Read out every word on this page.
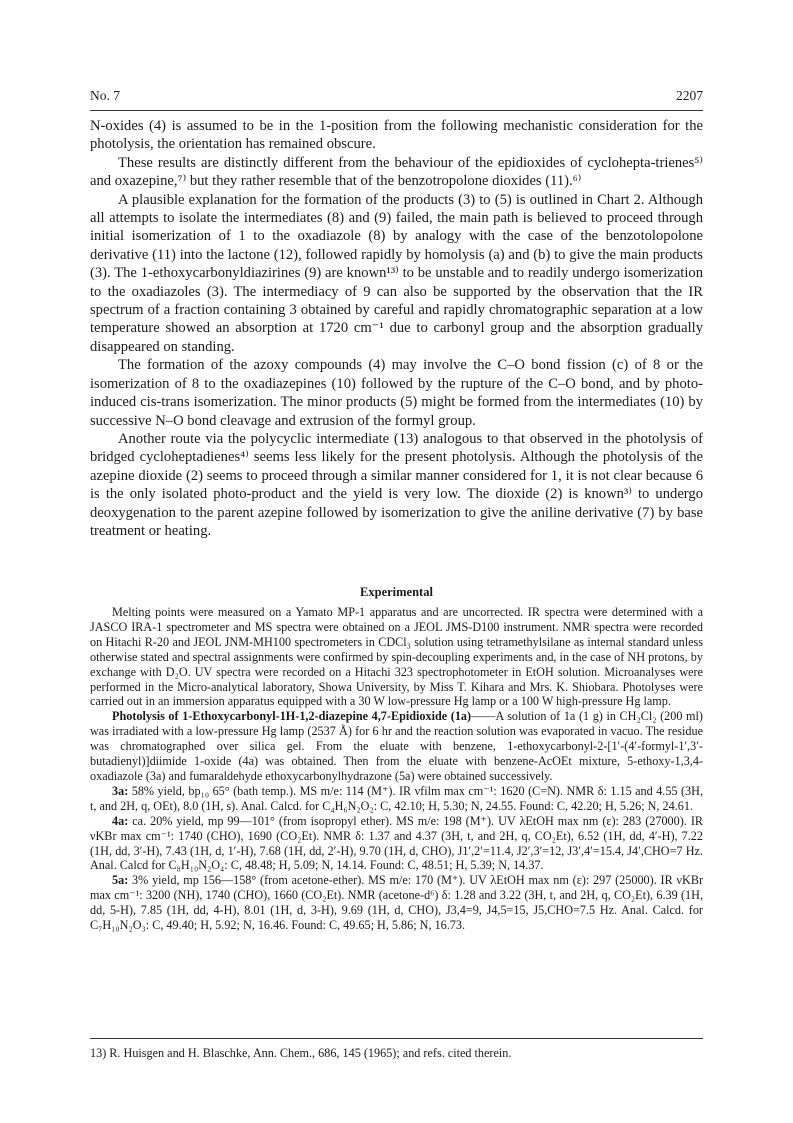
No. 7	2207

N-oxides (4) is assumed to be in the 1-position from the following mechanistic consideration for the photolysis, the orientation has remained obscure.

These results are distinctly different from the behaviour of the epidioxides of cyclohepta-trienes⁵⁾ and oxazepine,⁷⁾ but they rather resemble that of the benzotropolone dioxides (11).⁶⁾

A plausible explanation for the formation of the products (3) to (5) is outlined in Chart 2. Although all attempts to isolate the intermediates (8) and (9) failed, the main path is believed to proceed through initial isomerization of 1 to the oxadiazole (8) by analogy with the case of the benzotolopolone derivative (11) into the lactone (12), followed rapidly by homolysis (a) and (b) to give the main products (3). The 1-ethoxycarbonyldiazirines (9) are known¹³⁾ to be unstable and to readily undergo isomerization to the oxadiazoles (3). The intermediacy of 9 can also be supported by the observation that the IR spectrum of a fraction containing 3 obtained by careful and rapidly chromatographic separation at a low temperature showed an absorption at 1720 cm⁻¹ due to carbonyl group and the absorption gradually disappeared on standing.

The formation of the azoxy compounds (4) may involve the C–O bond fission (c) of 8 or the isomerization of 8 to the oxadiazepines (10) followed by the rupture of the C–O bond, and by photo-induced cis-trans isomerization. The minor products (5) might be formed from the intermediates (10) by successive N–O bond cleavage and extrusion of the formyl group.

Another route via the polycyclic intermediate (13) analogous to that observed in the photolysis of bridged cycloheptadienes⁴⁾ seems less likely for the present photolysis. Although the photolysis of the azepine dioxide (2) seems to proceed through a similar manner considered for 1, it is not clear because 6 is the only isolated photo-product and the yield is very low. The dioxide (2) is known³⁾ to undergo deoxygenation to the parent azepine followed by isomerization to give the aniline derivative (7) by base treatment or heating.

Experimental

Melting points were measured on a Yamato MP-1 apparatus and are uncorrected. IR spectra were determined with a JASCO IRA-1 spectrometer and MS spectra were obtained on a JEOL JMS-D100 instrument. NMR spectra were recorded on Hitachi R-20 and JEOL JNM-MH100 spectrometers in CDCl₃ solution using tetramethylsilane as internal standard unless otherwise stated and spectral assignments were confirmed by spin-decoupling experiments and, in the case of NH protons, by exchange with D₂O. UV spectra were recorded on a Hitachi 323 spectrophotometer in EtOH solution. Microanalyses were performed in the Micro-analytical laboratory, Showa University, by Miss T. Kihara and Mrs. K. Shiobara. Photolyses were carried out in an immersion apparatus equipped with a 30 W low-pressure Hg lamp or a 100 W high-pressure Hg lamp.

Photolysis of 1-Ethoxycarbonyl-1H-1,2-diazepine 4,7-Epidioxide (1a)——A solution of 1a (1 g) in CH₂Cl₂ (200 ml) was irradiated with a low-pressure Hg lamp (2537 Å) for 6 hr and the reaction solution was evaporated in vacuo. The residue was chromatographed over silica gel. From the eluate with benzene, 1-ethoxycarbonyl-2-[1′-(4′-formyl-1′,3′-butadienyl)]diimide 1-oxide (4a) was obtained. Then from the eluate with benzene-AcOEt mixture, 5-ethoxy-1,3,4-oxadiazole (3a) and fumaraldehyde ethoxycarbonylhydrazone (5a) were obtained successively.

3a: 58% yield, bp₁₀ 65° (bath temp.). MS m/e: 114 (M⁺). IR νfilm max cm⁻¹: 1620 (C=N). NMR δ: 1.15 and 4.55 (3H, t, and 2H, q, OEt), 8.0 (1H, s). Anal. Calcd. for C₄H₆N₂O₂: C, 42.10; H, 5.30; N, 24.55. Found: C, 42.20; H, 5.26; N, 24.61.

4a: ca. 20% yield, mp 99—101° (from isopropyl ether). MS m/e: 198 (M⁺). UV λEtOH max nm (ε): 283 (27000). IR νKBr max cm⁻¹: 1740 (CHO), 1690 (CO₂Et). NMR δ: 1.37 and 4.37 (3H, t, and 2H, q, CO₂Et), 6.52 (1H, dd, 4′-H), 7.22 (1H, dd, 3′-H), 7.43 (1H, d, 1′-H), 7.68 (1H, dd, 2′-H), 9.70 (1H, d, CHO), J1′,2′=11.4, J2′,3′=12, J3′,4′=15.4, J4′,CHO=7 Hz. Anal. Calcd for C₈H₁₀N₂O₄: C, 48.48; H, 5.09; N, 14.14. Found: C, 48.51; H, 5.39; N, 14.37.

5a: 3% yield, mp 156—158° (from acetone-ether). MS m/e: 170 (M⁺). UV λEtOH max nm (ε): 297 (25000). IR νKBr max cm⁻¹: 3200 (NH), 1740 (CHO), 1660 (CO₂Et). NMR (acetone-d⁶) δ: 1.28 and 3.22 (3H, t, and 2H, q, CO₂Et), 6.39 (1H, dd, 5-H), 7.85 (1H, dd, 4-H), 8.01 (1H, d, 3-H), 9.69 (1H, d, CHO), J3,4=9, J4,5=15, J5,CHO=7.5 Hz. Anal. Calcd. for C₇H₁₀N₂O₃: C, 49.40; H, 5.92; N, 16.46. Found: C, 49.65; H, 5.86; N, 16.73.

13) R. Huisgen and H. Blaschke, Ann. Chem., 686, 145 (1965); and refs. cited therein.
